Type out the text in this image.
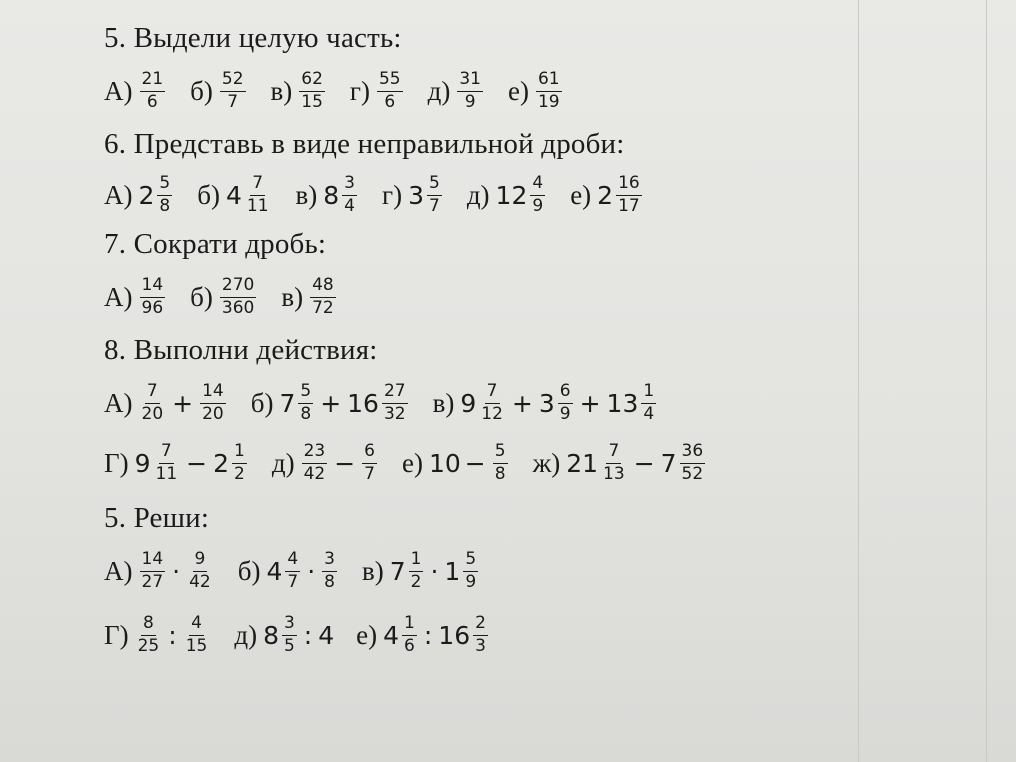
5. Выдели целую часть:
$А) \frac{21}{6} б) \frac{52}{7} в) \frac{62}{15} г) \frac{55}{6} д) \frac{31}{9} е) \frac{61}{19}$
6. Представь в виде неправильной дроби:
А) $2 \frac{5}{8} б$) $4 \frac{7}{11} в$) $8 \frac{3}{4} г$) $3 \frac{5}{7} д$) $12 \frac{4}{9} е$) $2 \frac{16}{17}$
7. Сократи дробь:
$А) \frac{14}{96} б) \frac{270}{360} в) \frac{48}{72}$
8. Выполни действия:
$А) \frac{7}{20} + \frac{14}{20} б$) $7 \frac{5}{8} + 16 \frac{27}{32} в$) $9 \frac{7}{12} + 3 \frac{6}{9} + 13 \frac{1}{4}$
Г) $9 \frac{7}{11} - 2 \frac{1}{2} д) \frac{23}{42} - \frac{6}{7} е$) $10 - \frac{5}{8} ж$) $21 \frac{7}{13} - 7 \frac{36}{52}$
5. Реши:
$А) \frac{14}{27} \cdot \frac{9}{42} б$) $4 \frac{4}{7} \cdot \frac{3}{8} в$) $7 \frac{1}{2} \cdot 1 \frac{5}{9}$
$Г) \frac{8}{25}$ : $\frac{4}{15} д$) $8 \frac{3}{5}$ : 4 е) $4 \frac{1}{6}$ : $16 \frac{2}{3}$
